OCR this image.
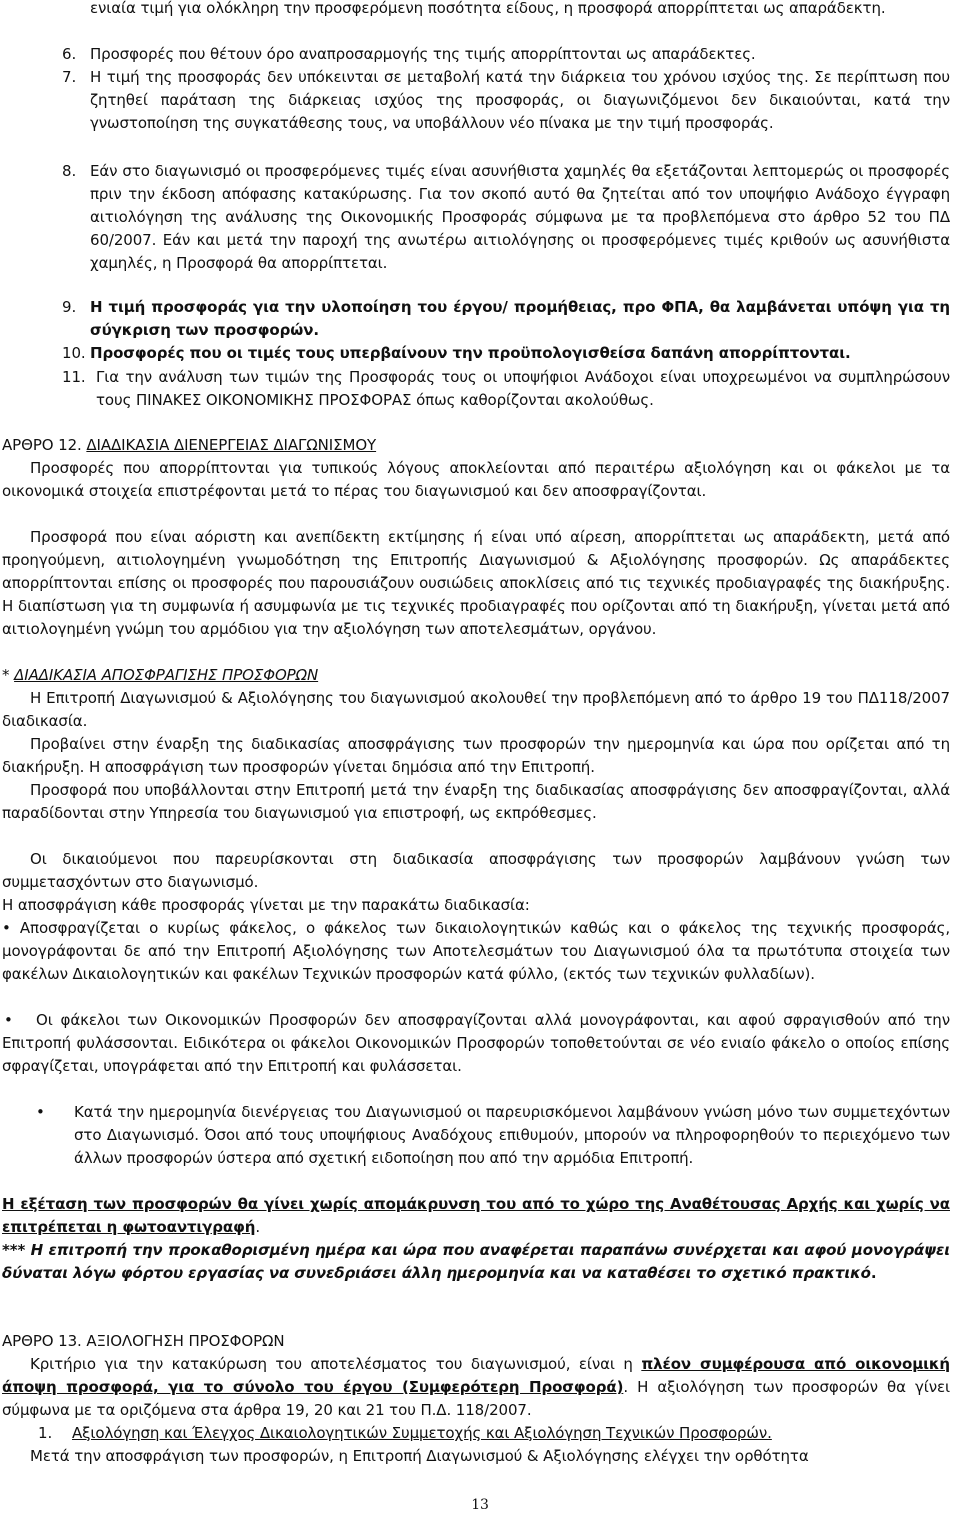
ενιαία τιμή για ολόκληρη την προσφερόμενη ποσότητα είδους, η προσφορά απορρίπτεται ως απαράδεκτη.

6. Προσφορές που θέτουν όρο αναπροσαρμογής της τιμής απορρίπτονται ως απαράδεκτες.

7. Η τιμή της προσφοράς δεν υπόκεινται σε μεταβολή κατά την διάρκεια του χρόνου ισχύος της. Σε περίπτωση που ζητηθεί παράταση της διάρκειας ισχύος της προσφοράς, οι διαγωνιζόμενοι δεν δικαιούνται, κατά την γνωστοποίηση της συγκατάθεσης τους, να υποβάλλουν νέο πίνακα με την τιμή προσφοράς.

8. Εάν στο διαγωνισμό οι προσφερόμενες τιμές είναι ασυνήθιστα χαμηλές θα εξετάζονται λεπτομερώς οι προσφορές πριν την έκδοση απόφασης κατακύρωσης. Για τον σκοπό αυτό θα ζητείται από τον υποψήφιο Ανάδοχο έγγραφη αιτιολόγηση της ανάλυσης της Οικονομικής Προσφοράς σύμφωνα με τα προβλεπόμενα στο άρθρο 52 του ΠΔ 60/2007. Εάν και μετά την παροχή της ανωτέρω αιτιολόγησης οι προσφερόμενες τιμές κριθούν ως ασυνήθιστα χαμηλές, η Προσφορά θα απορρίπτεται.

9. Η τιμή προσφοράς για την υλοποίηση του έργου/ προμήθειας, προ ΦΠΑ, θα λαμβάνεται υπόψη για τη σύγκριση των προσφορών.

10. Προσφορές που οι τιμές τους υπερβαίνουν την προϋπολογισθείσα δαπάνη απορρίπτονται.

11. Για την ανάλυση των τιμών της Προσφοράς τους οι υποψήφιοι Ανάδοχοι είναι υποχρεωμένοι να συμπληρώσουν τους ΠΙΝΑΚΕΣ ΟΙΚΟΝΟΜΙΚΗΣ ΠΡΟΣΦΟΡΑΣ όπως καθορίζονται ακολούθως.

ΑΡΘΡΟ 12. ΔΙΑΔΙΚΑΣΙΑ ΔΙΕΝΕΡΓΕΙΑΣ ΔΙΑΓΩΝΙΣΜΟΥ

Προσφορές που απορρίπτονται για τυπικούς λόγους αποκλείονται από περαιτέρω αξιολόγηση και οι φάκελοι με τα οικονομικά στοιχεία επιστρέφονται μετά το πέρας του διαγωνισμού και δεν αποσφραγίζονται.

Προσφορά που είναι αόριστη και ανεπίδεκτη εκτίμησης ή είναι υπό αίρεση, απορρίπτεται ως απαράδεκτη, μετά από προηγούμενη, αιτιολογημένη γνωμοδότηση της Επιτροπής Διαγωνισμού & Αξιολόγησης προσφορών. Ως απαράδεκτες απορρίπτονται επίσης οι προσφορές που παρουσιάζουν ουσιώδεις αποκλίσεις από τις τεχνικές προδιαγραφές της διακήρυξης. Η διαπίστωση για τη συμφωνία ή ασυμφωνία με τις τεχνικές προδιαγραφές που ορίζονται από τη διακήρυξη, γίνεται μετά από αιτιολογημένη γνώμη του αρμόδιου για την αξιολόγηση των αποτελεσμάτων, οργάνου.

* ΔΙΑΔΙΚΑΣΙΑ ΑΠΟΣΦΡΑΓΙΣΗΣ ΠΡΟΣΦΟΡΩΝ

Η Επιτροπή Διαγωνισμού & Αξιολόγησης του διαγωνισμού ακολουθεί την προβλεπόμενη από το άρθρο 19 του ΠΔ118/2007 διαδικασία.

Προβαίνει στην έναρξη της διαδικασίας αποσφράγισης των προσφορών την ημερομηνία και ώρα που ορίζεται από τη διακήρυξη. Η αποσφράγιση των προσφορών γίνεται δημόσια από την Επιτροπή.

Προσφορά που υποβάλλονται στην Επιτροπή μετά την έναρξη της διαδικασίας αποσφράγισης δεν αποσφραγίζονται, αλλά παραδίδονται στην Υπηρεσία του διαγωνισμού για επιστροφή, ως εκπρόθεσμες.

Οι δικαιούμενοι που παρευρίσκονται στη διαδικασία αποσφράγισης των προσφορών λαμβάνουν γνώση των συμμετασχόντων στο διαγωνισμό.

Η αποσφράγιση κάθε προσφοράς γίνεται με την παρακάτω διαδικασία:

• Αποσφραγίζεται ο κυρίως φάκελος, ο φάκελος των δικαιολογητικών καθώς και ο φάκελος της τεχνικής προσφοράς, μονογράφονται δε από την Επιτροπή Αξιολόγησης των Αποτελεσμάτων του Διαγωνισμού όλα τα πρωτότυπα στοιχεία των φακέλων Δικαιολογητικών και φακέλων Τεχνικών προσφορών κατά φύλλο, (εκτός των τεχνικών φυλλαδίων).

•	Οι φάκελοι των Οικονομικών Προσφορών δεν αποσφραγίζονται αλλά μονογράφονται, και αφού σφραγισθούν από την Επιτροπή φυλάσσονται. Ειδικότερα οι φάκελοι Οικονομικών Προσφορών τοποθετούνται σε νέο ενιαίο φάκελο ο οποίος επίσης σφραγίζεται, υπογράφεται από την Επιτροπή και φυλάσσεται.

• Κατά την ημερομηνία διενέργειας του Διαγωνισμού οι παρευρισκόμενοι λαμβάνουν γνώση μόνο των συμμετεχόντων στο Διαγωνισμό. Όσοι από τους υποψήφιους Αναδόχους επιθυμούν, μπορούν να πληροφορηθούν το περιεχόμενο των άλλων προσφορών ύστερα από σχετική ειδοποίηση που από την αρμόδια Επιτροπή.

Η εξέταση των προσφορών θα γίνει χωρίς απομάκρυνση του από το χώρο της Αναθέτουσας Αρχής και χωρίς να επιτρέπεται η φωτοαντιγραφή.

*** Η επιτροπή την προκαθορισμένη ημέρα και ώρα που αναφέρεται παραπάνω συνέρχεται και αφού μονογράψει δύναται λόγω φόρτου εργασίας να συνεδριάσει άλλη ημερομηνία και να καταθέσει το σχετικό πρακτικό.

ΑΡΘΡΟ 13. ΑΞΙΟΛΟΓΗΣΗ ΠΡΟΣΦΟΡΩΝ

Κριτήριο για την κατακύρωση του αποτελέσματος του διαγωνισμού, είναι η πλέον συμφέρουσα από οικονομική άποψη προσφορά, για το σύνολο του έργου (Συμφερότερη Προσφορά). Η αξιολόγηση των προσφορών θα γίνει σύμφωνα με τα οριζόμενα στα άρθρα 19, 20 και 21 του Π.Δ. 118/2007.

1. Αξιολόγηση και Έλεγχος Δικαιολογητικών Συμμετοχής και Αξιολόγηση Τεχνικών Προσφορών.

Μετά την αποσφράγιση των προσφορών, η Επιτροπή Διαγωνισμού & Αξιολόγησης ελέγχει την ορθότητα

13
